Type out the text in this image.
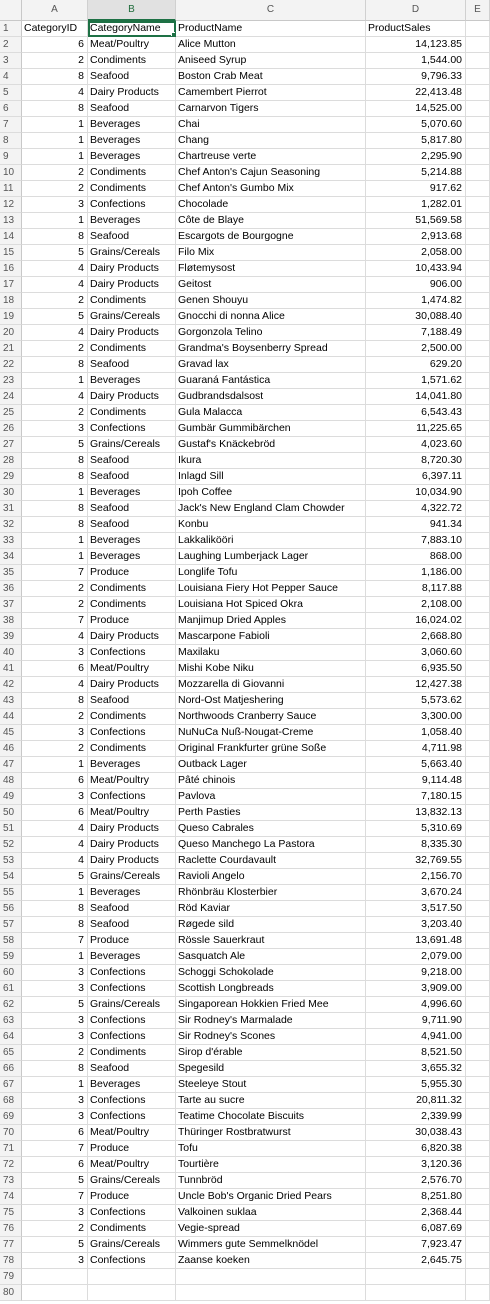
A	B	C	D	E
1	CategoryID	CategoryName	ProductName	ProductSales
2	6 Meat/Poultry	Alice Mutton	14,123.85
3	2 Condiments	Aniseed Syrup	1,544.00
4	8 Seafood	Boston Crab Meat	9,796.33
5	4 Dairy Products	Camembert Pierrot	22,413.48
6	8 Seafood	Carnarvon Tigers	14,525.00
7	1 Beverages	Chai	5,070.60
8	1 Beverages	Chang	5,817.80
9	1 Beverages	Chartreuse verte	2,295.90
10	2 Condiments	Chef Anton's Cajun Seasoning	5,214.88
11	2 Condiments	Chef Anton's Gumbo Mix	917.62
12	3 Confections	Chocolade	1,282.01
13	1 Beverages	Côte de Blaye	51,569.58
14	8 Seafood	Escargots de Bourgogne	2,913.68
15	5 Grains/Cereals	Filo Mix	2,058.00
16	4 Dairy Products	Fløtemysost	10,433.94
17	4 Dairy Products	Geitost	906.00
18	2 Condiments	Genen Shouyu	1,474.82
19	5 Grains/Cereals	Gnocchi di nonna Alice	30,088.40
20	4 Dairy Products	Gorgonzola Telino	7,188.49
21	2 Condiments	Grandma's Boysenberry Spread	2,500.00
22	8 Seafood	Gravad lax	629.20
23	1 Beverages	Guaraná Fantástica	1,571.62
24	4 Dairy Products	Gudbrandsdalsost	14,041.80
25	2 Condiments	Gula Malacca	6,543.43
26	3 Confections	Gumbär Gummibärchen	11,225.65
27	5 Grains/Cereals	Gustaf's Knäckebröd	4,023.60
28	8 Seafood	Ikura	8,720.30
29	8 Seafood	Inlagd Sill	6,397.11
30	1 Beverages	Ipoh Coffee	10,034.90
31	8 Seafood	Jack's New England Clam Chowder	4,322.72
32	8 Seafood	Konbu	941.34
33	1 Beverages	Lakkalikööri	7,883.10
34	1 Beverages	Laughing Lumberjack Lager	868.00
35	7 Produce	Longlife Tofu	1,186.00
36	2 Condiments	Louisiana Fiery Hot Pepper Sauce	8,117.88
37	2 Condiments	Louisiana Hot Spiced Okra	2,108.00
38	7 Produce	Manjimup Dried Apples	16,024.02
39	4 Dairy Products	Mascarpone Fabioli	2,668.80
40	3 Confections	Maxilaku	3,060.60
41	6 Meat/Poultry	Mishi Kobe Niku	6,935.50
42	4 Dairy Products	Mozzarella di Giovanni	12,427.38
43	8 Seafood	Nord-Ost Matjeshering	5,573.62
44	2 Condiments	Northwoods Cranberry Sauce	3,300.00
45	3 Confections	NuNuCa Nuß-Nougat-Creme	1,058.40
46	2 Condiments	Original Frankfurter grüne Soße	4,711.98
47	1 Beverages	Outback Lager	5,663.40
48	6 Meat/Poultry	Pâté chinois	9,114.48
49	3 Confections	Pavlova	7,180.15
50	6 Meat/Poultry	Perth Pasties	13,832.13
51	4 Dairy Products	Queso Cabrales	5,310.69
52	4 Dairy Products	Queso Manchego La Pastora	8,335.30
53	4 Dairy Products	Raclette Courdavault	32,769.55
54	5 Grains/Cereals	Ravioli Angelo	2,156.70
55	1 Beverages	Rhönbräu Klosterbier	3,670.24
56	8 Seafood	Röd Kaviar	3,517.50
57	8 Seafood	Røgede sild	3,203.40
58	7 Produce	Rössle Sauerkraut	13,691.48
59	1 Beverages	Sasquatch Ale	2,079.00
60	3 Confections	Schoggi Schokolade	9,218.00
61	3 Confections	Scottish Longbreads	3,909.00
62	5 Grains/Cereals	Singaporean Hokkien Fried Mee	4,996.60
63	3 Confections	Sir Rodney's Marmalade	9,711.90
64	3 Confections	Sir Rodney's Scones	4,941.00
65	2 Condiments	Sirop d'érable	8,521.50
66	8 Seafood	Spegesild	3,655.32
67	1 Beverages	Steeleye Stout	5,955.30
68	3 Confections	Tarte au sucre	20,811.32
69	3 Confections	Teatime Chocolate Biscuits	2,339.99
70	6 Meat/Poultry	Thüringer Rostbratwurst	30,038.43
71	7 Produce	Tofu	6,820.38
72	6 Meat/Poultry	Tourtière	3,120.36
73	5 Grains/Cereals	Tunnbröd	2,576.70
74	7 Produce	Uncle Bob's Organic Dried Pears	8,251.80
75	3 Confections	Valkoinen suklaa	2,368.44
76	2 Condiments	Vegie-spread	6,087.69
77	5 Grains/Cereals	Wimmers gute Semmelknödel	7,923.47
78	3 Confections	Zaanse koeken	2,645.75
79
80
